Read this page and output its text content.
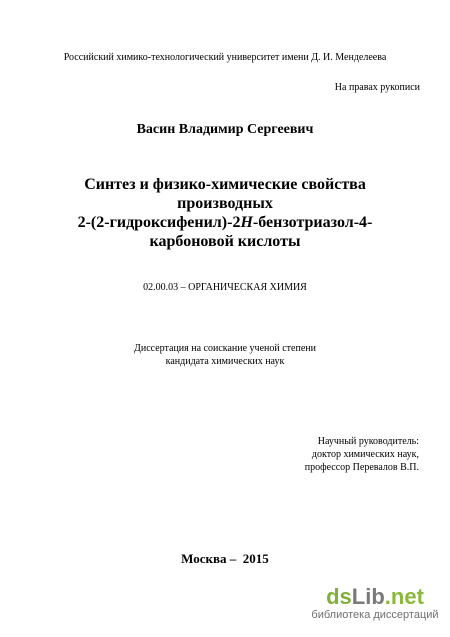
Российский химико-технологический университет имени Д. И. Менделеева
На правах рукописи
Васин Владимир Сергеевич
Синтез и физико-химические свойства
производных
2-(2-гидроксифенил)-2H-бензотриазол-4-
карбоновой кислоты
02.00.03 – ОРГАНИЧЕСКАЯ ХИМИЯ
Диссертация на соискание ученой степени
кандидата химических наук
Научный руководитель:
доктор химических наук,
профессор Перевалов В.П.
Москва –  2015
dsLib.net
библиотека диссертаций
